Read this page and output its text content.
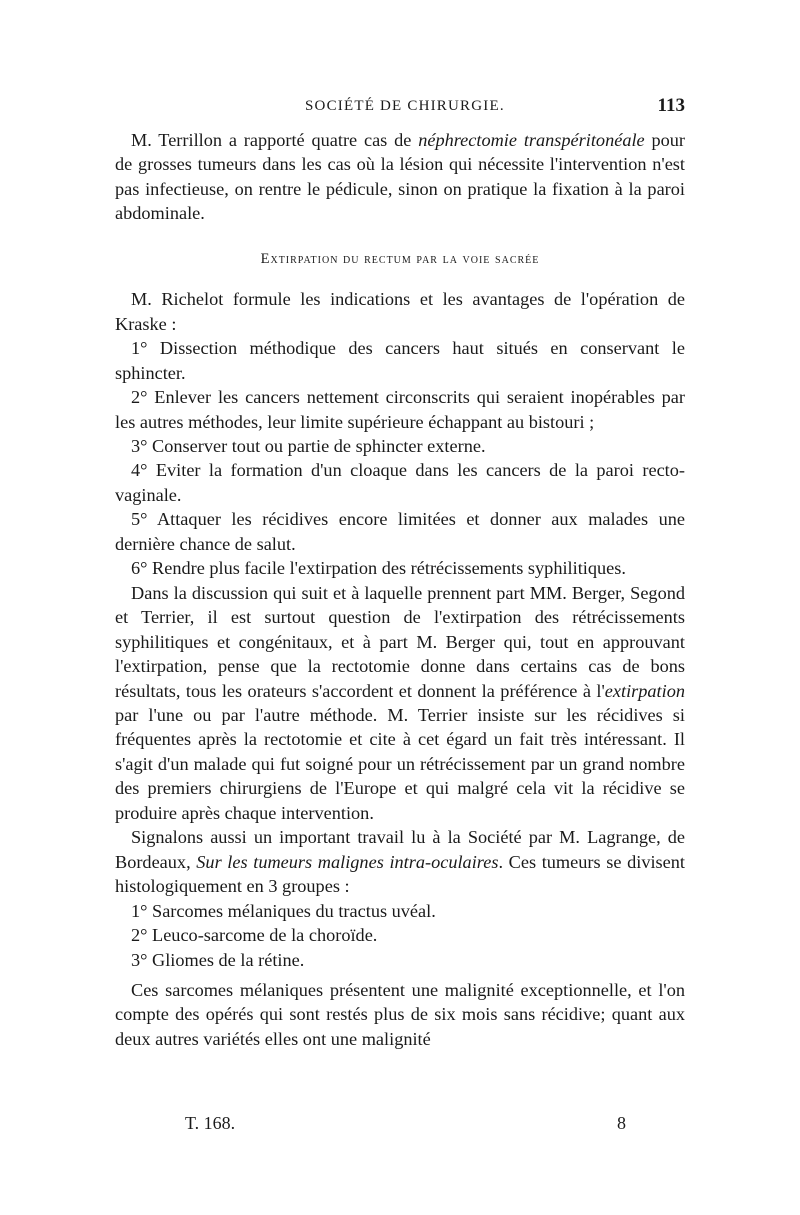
SOCIÉTÉ DE CHIRURGIE.	113

M. Terrillon a rapporté quatre cas de néphrectomie transpéritonéale pour de grosses tumeurs dans les cas où la lésion qui nécessite l'intervention n'est pas infectieuse, on rentre le pédicule, sinon on pratique la fixation à la paroi abdominale.

Extirpation du rectum par la voie sacrée

M. Richelot formule les indications et les avantages de l'opération de Kraske :

1° Dissection méthodique des cancers haut situés en conservant le sphincter.

2° Enlever les cancers nettement circonscrits qui seraient inopérables par les autres méthodes, leur limite supérieure échappant au bistouri ;

3° Conserver tout ou partie de sphincter externe.

4° Eviter la formation d'un cloaque dans les cancers de la paroi recto-vaginale.

5° Attaquer les récidives encore limitées et donner aux malades une dernière chance de salut.

6° Rendre plus facile l'extirpation des rétrécissements syphilitiques.

Dans la discussion qui suit et à laquelle prennent part MM. Berger, Segond et Terrier, il est surtout question de l'extirpation des rétrécissements syphilitiques et congénitaux, et à part M. Berger qui, tout en approuvant l'extirpation, pense que la rectotomie donne dans certains cas de bons résultats, tous les orateurs s'accordent et donnent la préférence à l'extirpation par l'une ou par l'autre méthode. M. Terrier insiste sur les récidives si fréquentes après la rectotomie et cite à cet égard un fait très intéressant. Il s'agit d'un malade qui fut soigné pour un rétrécissement par un grand nombre des premiers chirurgiens de l'Europe et qui malgré cela vit la récidive se produire après chaque intervention.

Signalons aussi un important travail lu à la Société par M. Lagrange, de Bordeaux, Sur les tumeurs malignes intra-oculaires. Ces tumeurs se divisent histologiquement en 3 groupes :

1° Sarcomes mélaniques du tractus uvéal.

2° Leuco-sarcome de la choroïde.

3° Gliomes de la rétine.

Ces sarcomes mélaniques présentent une malignité exceptionnelle, et l'on compte des opérés qui sont restés plus de six mois sans récidive; quant aux deux autres variétés elles ont une malignité

T. 168.	8
